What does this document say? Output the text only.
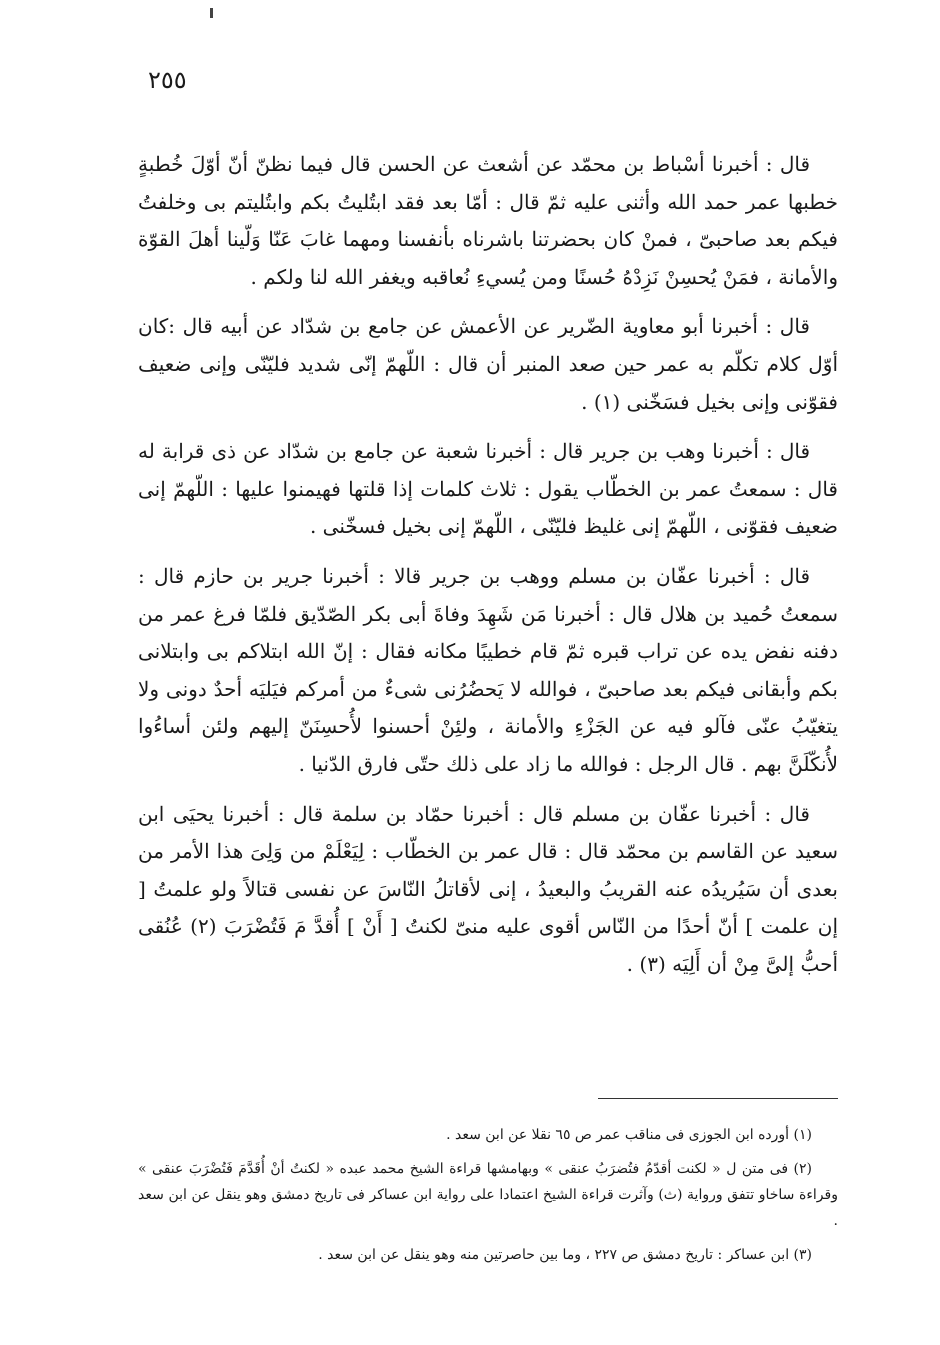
٢٥٥

قال : أخبرنا أسْباط بن محمّد عن أشعث عن الحسن قال فيما نظنّ أنّ أوّلَ خُطبةٍ خطبها عمر حمد الله وأثنى عليه ثمّ قال : أمّا بعد فقد ابتُليتُ بكم وابتُليتم بى وخلفتُ فيكم بعد صاحبىّ ، فمنْ كان بحضرتنا باشرناه بأنفسنا ومهما غابَ عَنّا وَلّينا أهلَ القوّة والأمانة ، فمَنْ يُحسِنْ نَزِدْهُ حُسنًا ومن يُسيءِ نُعاقبه ويغفر الله لنا ولكم .

قال : أخبرنا أبو معاوية الضّرير عن الأعمش عن جامع بن شدّاد عن أبيه قال :كان أوّل كلام تكلّم به عمر حين صعد المنبر أن قال : اللّهمّ إنّى شديد فليّنّى وإنى ضعيف فقوّنى وإنى بخيل فسَخّنى (١) .

قال : أخبرنا وهب بن جرير قال : أخبرنا شعبة عن جامع بن شدّاد عن ذى قرابة له قال : سمعتُ عمر بن الخطّاب يقول : ثلاث كلمات إذا قلتها فهيمنوا عليها : اللّهمّ إنى ضعيف فقوّنى ، اللّهمّ إنى غليظ فليّنّى ، اللّهمّ إنى بخيل فسخّنى .

قال : أخبرنا عفّان بن مسلم ووهب بن جرير قالا : أخبرنا جرير بن حازم قال : سمعتُ حُميد بن هلال قال : أخبرنا مَن شَهِدَ وفاةَ أبى بكر الصّدّيق فلمّا فرغ عمر من دفنه نفض يده عن تراب قبره ثمّ قام خطيبًا مكانه فقال : إنّ الله ابتلاكم بى وابتلانى بكم وأبقانى فيكم بعد صاحبىّ ، فوالله لا يَحضُرُنى شىءٌ من أمركم فيَليَه أحدٌ دونى ولا يتغيّبُ عنّى فآلو فيه عن الجَزْءِ والأمانة ، ولئِنْ أحسنوا لأُحسِنَنّ إليهم ولئن أساءُوا لأُنكّلَنَّ بهم . قال الرجل : فوالله ما زاد على ذلك حتّى فارق الدّنيا .

قال : أخبرنا عفّان بن مسلم قال : أخبرنا حمّاد بن سلمة قال : أخبرنا يحيَى ابن سعيد عن القاسم بن محمّد قال : قال عمر بن الخطّاب : لِيَعْلَمْ من وَلِىَ هذا الأمر من بعدى أن سَيُريدُه عنه القريبُ والبعيدُ ، إنى لأقاتلُ النّاسَ عن نفسى قتالاً ولو علمتُ [ إن علمت ] أنّ أحدًا من النّاس أقوى عليه منىّ لكنتُ [ أَنْ ] أُقدَّ مَ فَتُضْرَبَ (٢) عُنُقى أحبُّ إلىَّ مِنْ أن أَلِيَه (٣) .

(١) أورده ابن الجوزى فى مناقب عمر ص ٦٥ نقلا عن ابن سعد .

(٢) فى متن ل « لكنت أقدّمُ فتُضرَبُ عنقى » وبهامشها قراءة الشيخ محمد عبده « لكنتُ أنْ أُقَدَّمَ فَتُضْرَبَ عنقى » وقراءة ساخاو تتفق ورواية (ث) وآثرت قراءة الشيخ اعتمادا على رواية ابن عساكر فى تاريخ دمشق وهو ينقل عن ابن سعد .

(٣) ابن عساكر : تاريخ دمشق ص ٢٢٧ ، وما بين حاصرتين منه وهو ينقل عن ابن سعد .
